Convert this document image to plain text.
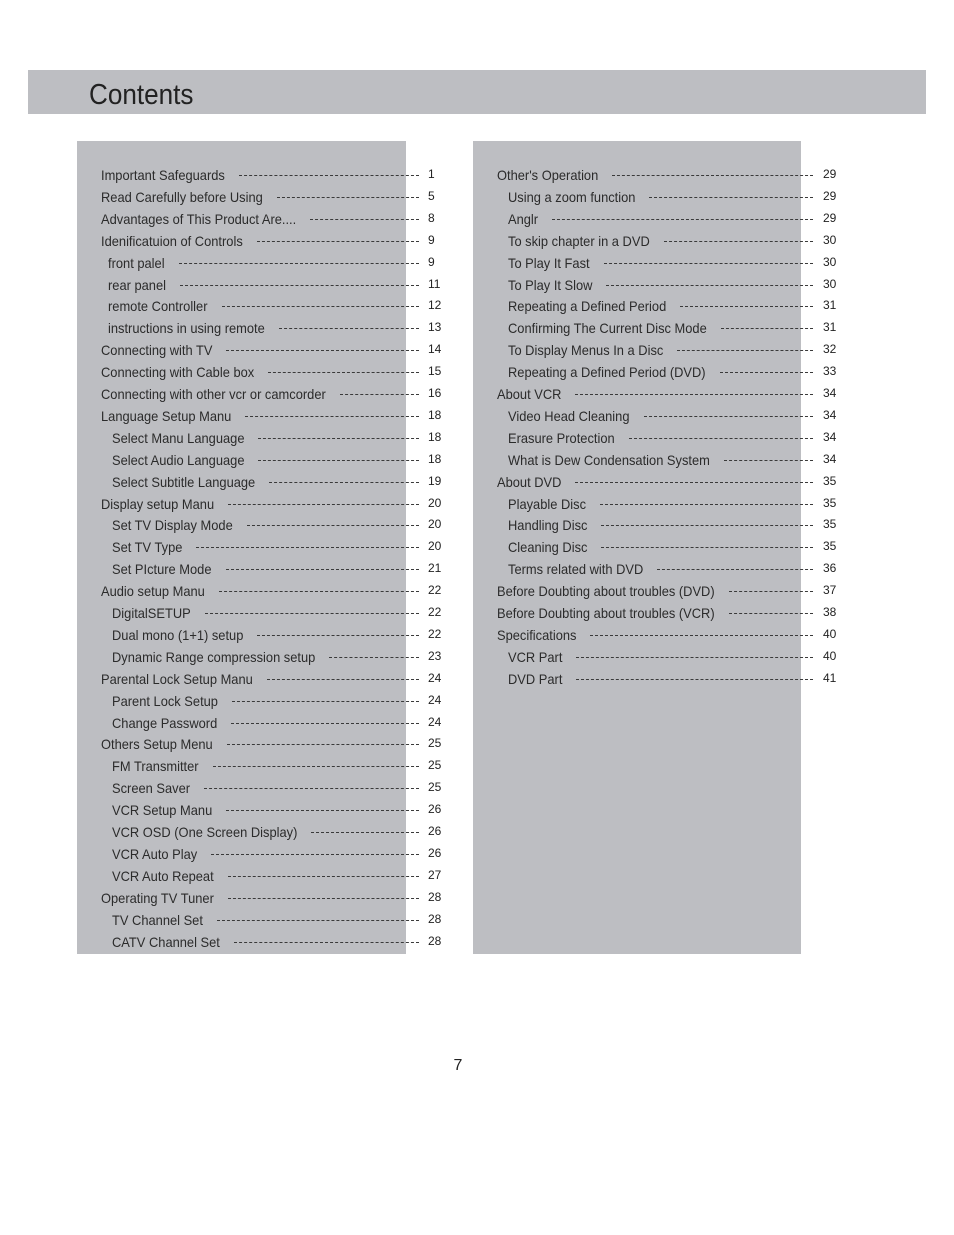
Contents
Important Safeguards	1
Read Carefully before Using	5
Advantages of This Product Are....	8
Idenificatuion of Controls	9
front palel	9
rear panel	11
remote Controller	12
instructions in using remote	13
Connecting with TV	14
Connecting with Cable box	15
Connecting with other vcr or camcorder	16
Language Setup Manu	18
Select Manu Language	18
Select Audio Language	18
Select Subtitle Language	19
Display setup Manu	20
Set TV Display Mode	20
Set TV Type	20
Set PIcture Mode	21
Audio setup Manu	22
DigitalSETUP	22
Dual mono (1+1) setup	22
Dynamic Range compression setup	23
Parental Lock Setup Manu	24
Parent Lock Setup	24
Change Password	24
Others Setup Menu	25
FM Transmitter	25
Screen Saver	25
VCR Setup Manu	26
VCR OSD (One Screen Display)	26
VCR Auto Play	26
VCR Auto Repeat	27
Operating TV Tuner	28
TV Channel Set	28
CATV Channel Set	28
Other's Operation	29
Using a zoom function	29
Anglr	29
To skip chapter in a DVD	30
To Play It Fast	30
To Play It Slow	30
Repeating a Defined Period	31
Confirming The Current Disc Mode	31
To Display Menus In a Disc	32
Repeating a Defined Period (DVD)	33
About VCR	34
Video Head Cleaning	34
Erasure Protection	34
What is Dew Condensation System	34
About DVD	35
Playable Disc	35
Handling Disc	35
Cleaning Disc	35
Terms related with DVD	36
Before Doubting about troubles (DVD)	37
Before Doubting about troubles (VCR)	38
Specifications	40
VCR Part	40
DVD Part	41
7
